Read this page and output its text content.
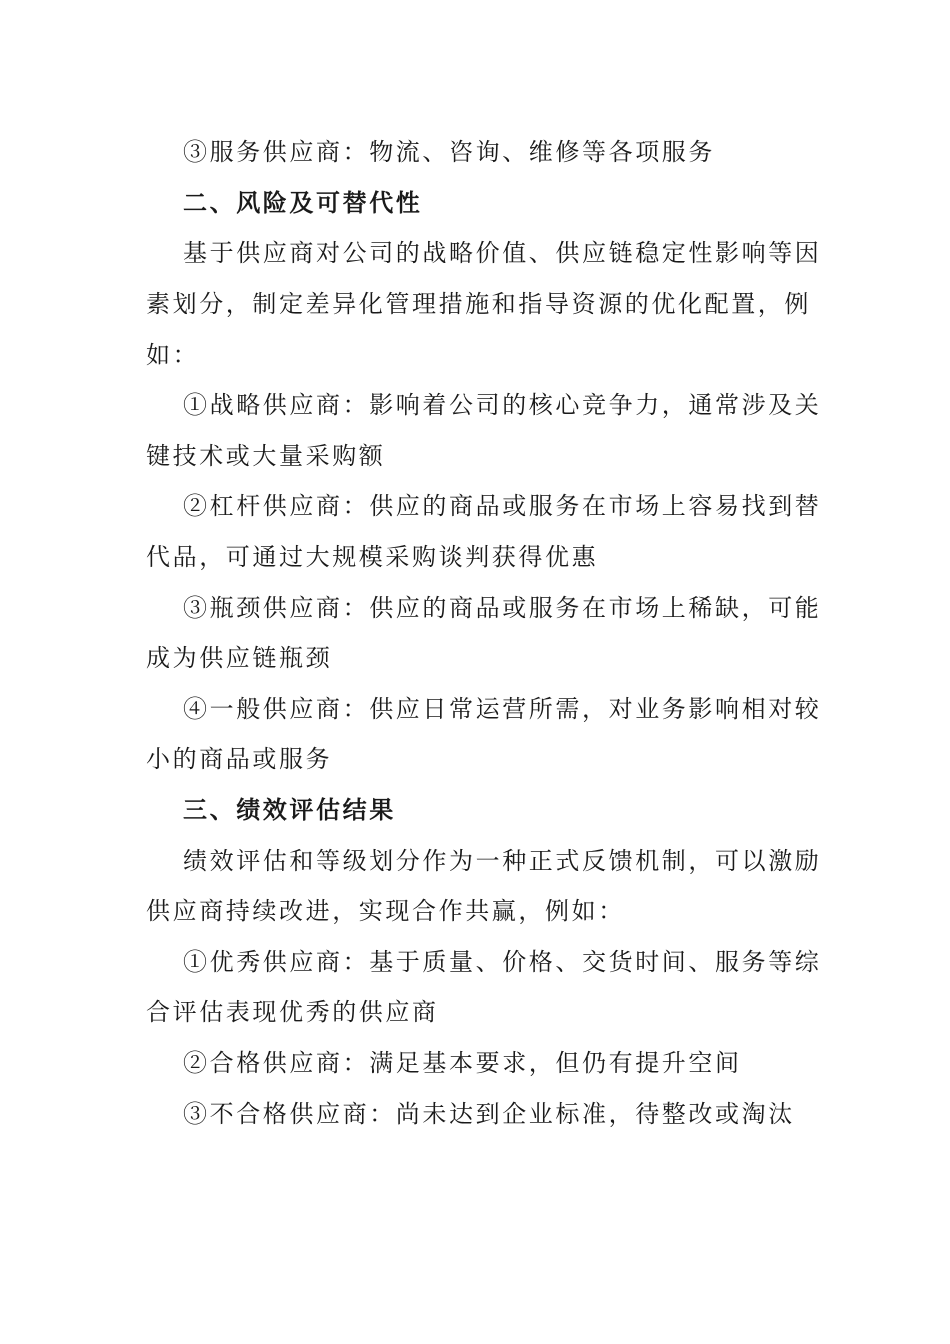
③服务供应商：物流、咨询、维修等各项服务
二、风险及可替代性
基于供应商对公司的战略价值、供应链稳定性影响等因
素划分，制定差异化管理措施和指导资源的优化配置，例
如：
①战略供应商：影响着公司的核心竞争力，通常涉及关
键技术或大量采购额
②杠杆供应商：供应的商品或服务在市场上容易找到替
代品，可通过大规模采购谈判获得优惠
③瓶颈供应商：供应的商品或服务在市场上稀缺，可能
成为供应链瓶颈
④一般供应商：供应日常运营所需，对业务影响相对较
小的商品或服务
三、绩效评估结果
绩效评估和等级划分作为一种正式反馈机制，可以激励
供应商持续改进，实现合作共赢，例如：
①优秀供应商：基于质量、价格、交货时间、服务等综
合评估表现优秀的供应商
②合格供应商：满足基本要求，但仍有提升空间
③不合格供应商：尚未达到企业标准，待整改或淘汰
